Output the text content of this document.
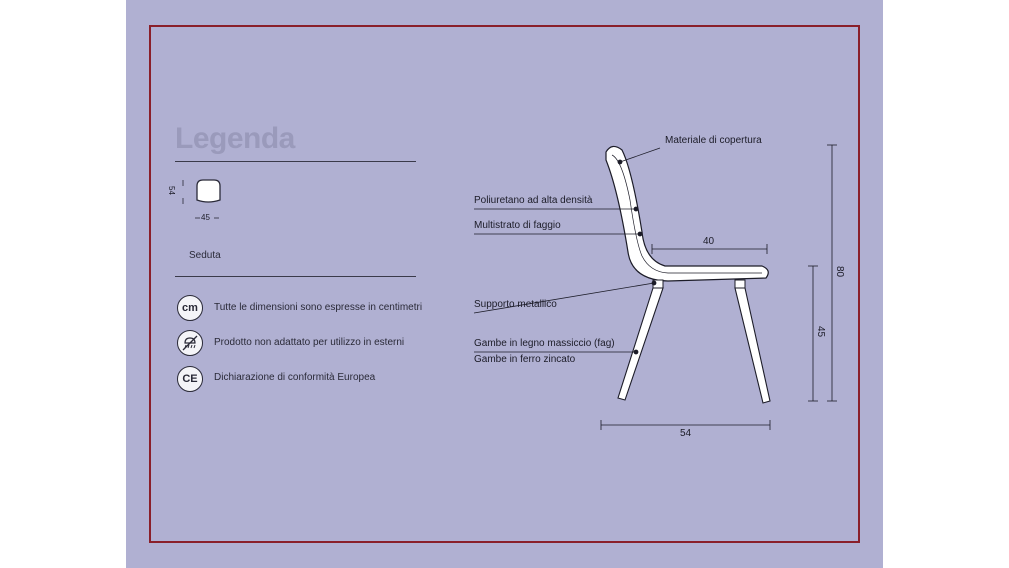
Legenda
54
45
Seduta
cm	Tutte le dimensioni sono espresse in centimetri
Prodotto non adattato per utilizzo in esterni
CE	Dichiarazione di conformità Europea
Materiale di copertura
Poliuretano ad alta densità
Multistrato di faggio
Supporto metallico
Gambe in legno massiccio (fag)
Gambe in ferro zincato
40
80
45
54
